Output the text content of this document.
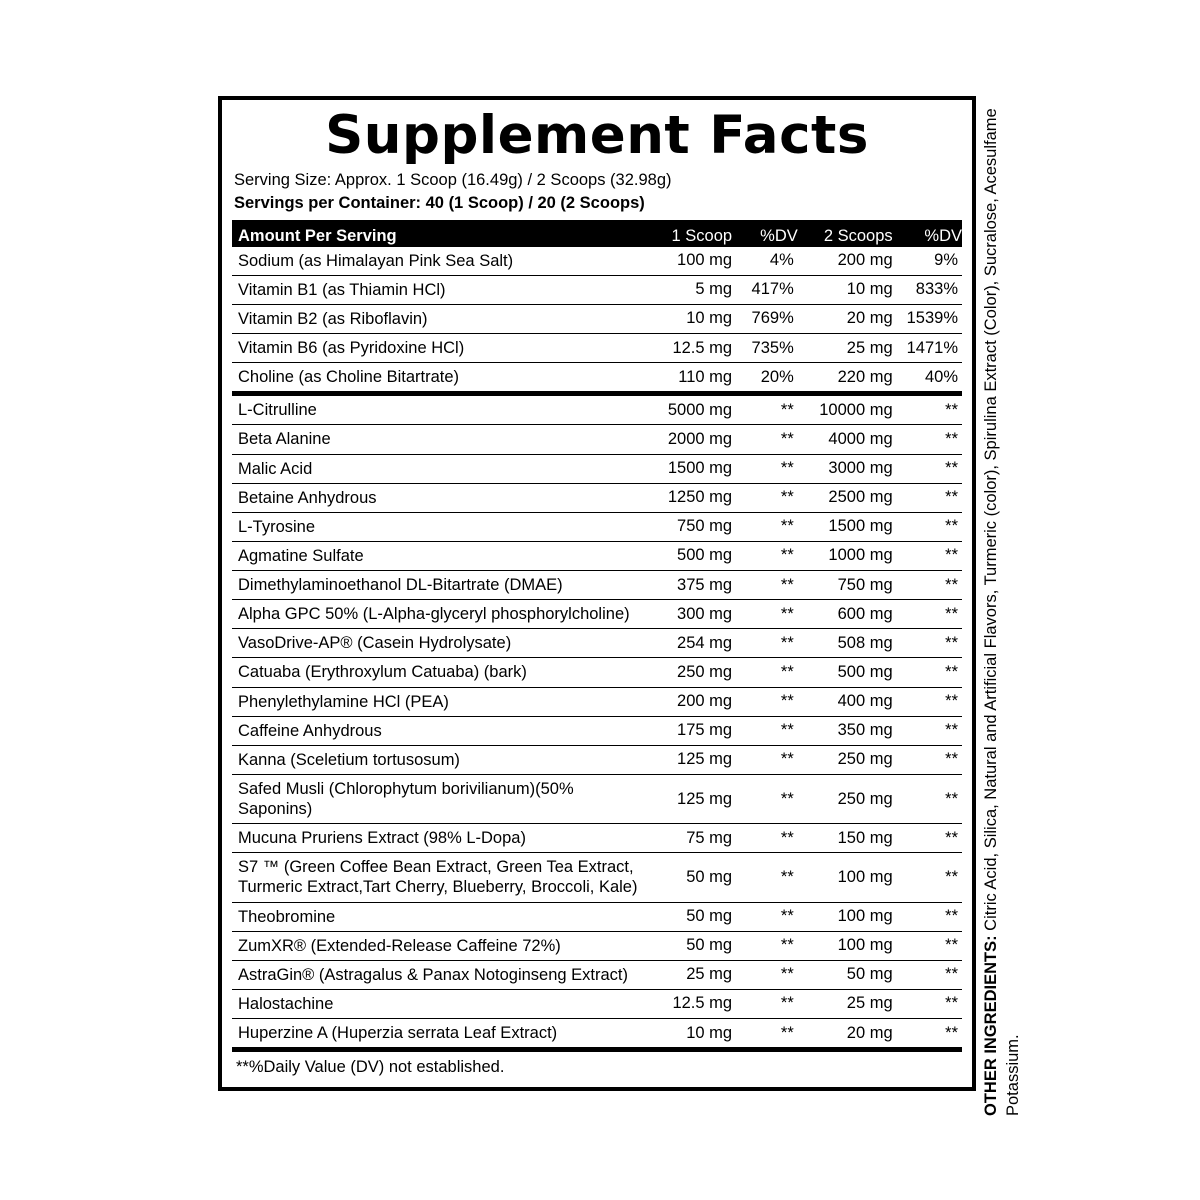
Supplement Facts
Serving Size: Approx. 1 Scoop (16.49g) / 2 Scoops (32.98g)
Servings per Container: 40 (1 Scoop) / 20 (2 Scoops)
Amount Per Serving	1 Scoop	%DV	2 Scoops	%DV
Sodium (as Himalayan Pink Sea Salt)	100 mg	4%	200 mg	9%
Vitamin B1 (as Thiamin HCl)	5 mg	417%	10 mg	833%
Vitamin B2 (as Riboflavin)	10 mg	769%	20 mg	1539%
Vitamin B6 (as Pyridoxine HCl)	12.5 mg	735%	25 mg	1471%
Choline (as Choline Bitartrate)	110 mg	20%	220 mg	40%
L-Citrulline	5000 mg	**	10000 mg	**
Beta Alanine	2000 mg	**	4000 mg	**
Malic Acid	1500 mg	**	3000 mg	**
Betaine Anhydrous	1250 mg	**	2500 mg	**
L-Tyrosine	750 mg	**	1500 mg	**
Agmatine Sulfate	500 mg	**	1000 mg	**
Dimethylaminoethanol DL-Bitartrate (DMAE)	375 mg	**	750 mg	**
Alpha GPC 50% (L-Alpha-glyceryl phosphorylcholine)	300 mg	**	600 mg	**
VasoDrive-AP® (Casein Hydrolysate)	254 mg	**	508 mg	**
Catuaba (Erythroxylum Catuaba) (bark)	250 mg	**	500 mg	**
Phenylethylamine HCl (PEA)	200 mg	**	400 mg	**
Caffeine Anhydrous	175 mg	**	350 mg	**
Kanna (Sceletium tortusosum)	125 mg	**	250 mg	**
Safed Musli (Chlorophytum borivilianum)(50% Saponins)	125 mg	**	250 mg	**
Mucuna Pruriens Extract (98% L-Dopa)	75 mg	**	150 mg	**
S7 ™ (Green Coffee Bean Extract, Green Tea Extract, Turmeric Extract,Tart Cherry, Blueberry, Broccoli, Kale)	50 mg	**	100 mg	**
Theobromine	50 mg	**	100 mg	**
ZumXR® (Extended-Release Caffeine 72%)	50 mg	**	100 mg	**
AstraGin® (Astragalus & Panax Notoginseng Extract)	25 mg	**	50 mg	**
Halostachine	12.5 mg	**	25 mg	**
Huperzine A (Huperzia serrata Leaf Extract)	10 mg	**	20 mg	**
**%Daily Value (DV) not established.	OTHER INGREDIENTS: Citric Acid, Silica, Natural and Artificial Flavors, Turmeric (color), Spirulina Extract (Color), Sucralose, Acesulfame Potassium.
